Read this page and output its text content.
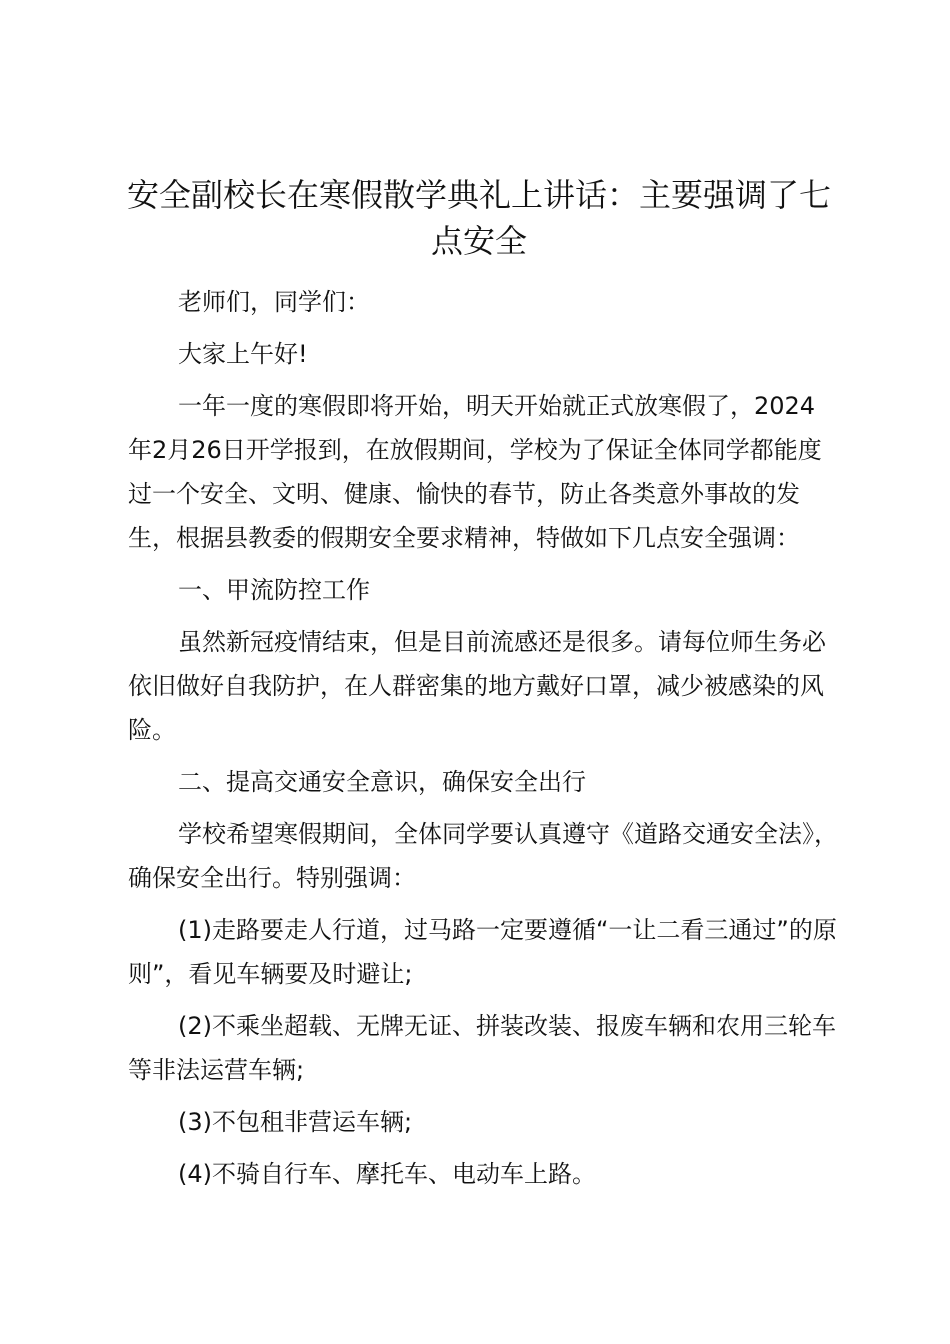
安全副校长在寒假散学典礼上讲话：主要强调了七点安全

老师们，同学们：

大家上午好!

一年一度的寒假即将开始，明天开始就正式放寒假了，2024年2月26日开学报到，在放假期间，学校为了保证全体同学都能度过一个安全、文明、健康、愉快的春节，防止各类意外事故的发生，根据县教委的假期安全要求精神，特做如下几点安全强调：

一、甲流防控工作

虽然新冠疫情结束，但是目前流感还是很多。请每位师生务必依旧做好自我防护，在人群密集的地方戴好口罩，减少被感染的风险。

二、提高交通安全意识，确保安全出行

学校希望寒假期间，全体同学要认真遵守《道路交通安全法》，确保安全出行。特别强调：

(1)走路要走人行道，过马路一定要遵循“一让二看三通过”的原则”，看见车辆要及时避让;

(2)不乘坐超载、无牌无证、拼装改装、报废车辆和农用三轮车等非法运营车辆;

(3)不包租非营运车辆;

(4)不骑自行车、摩托车、电动车上路。
